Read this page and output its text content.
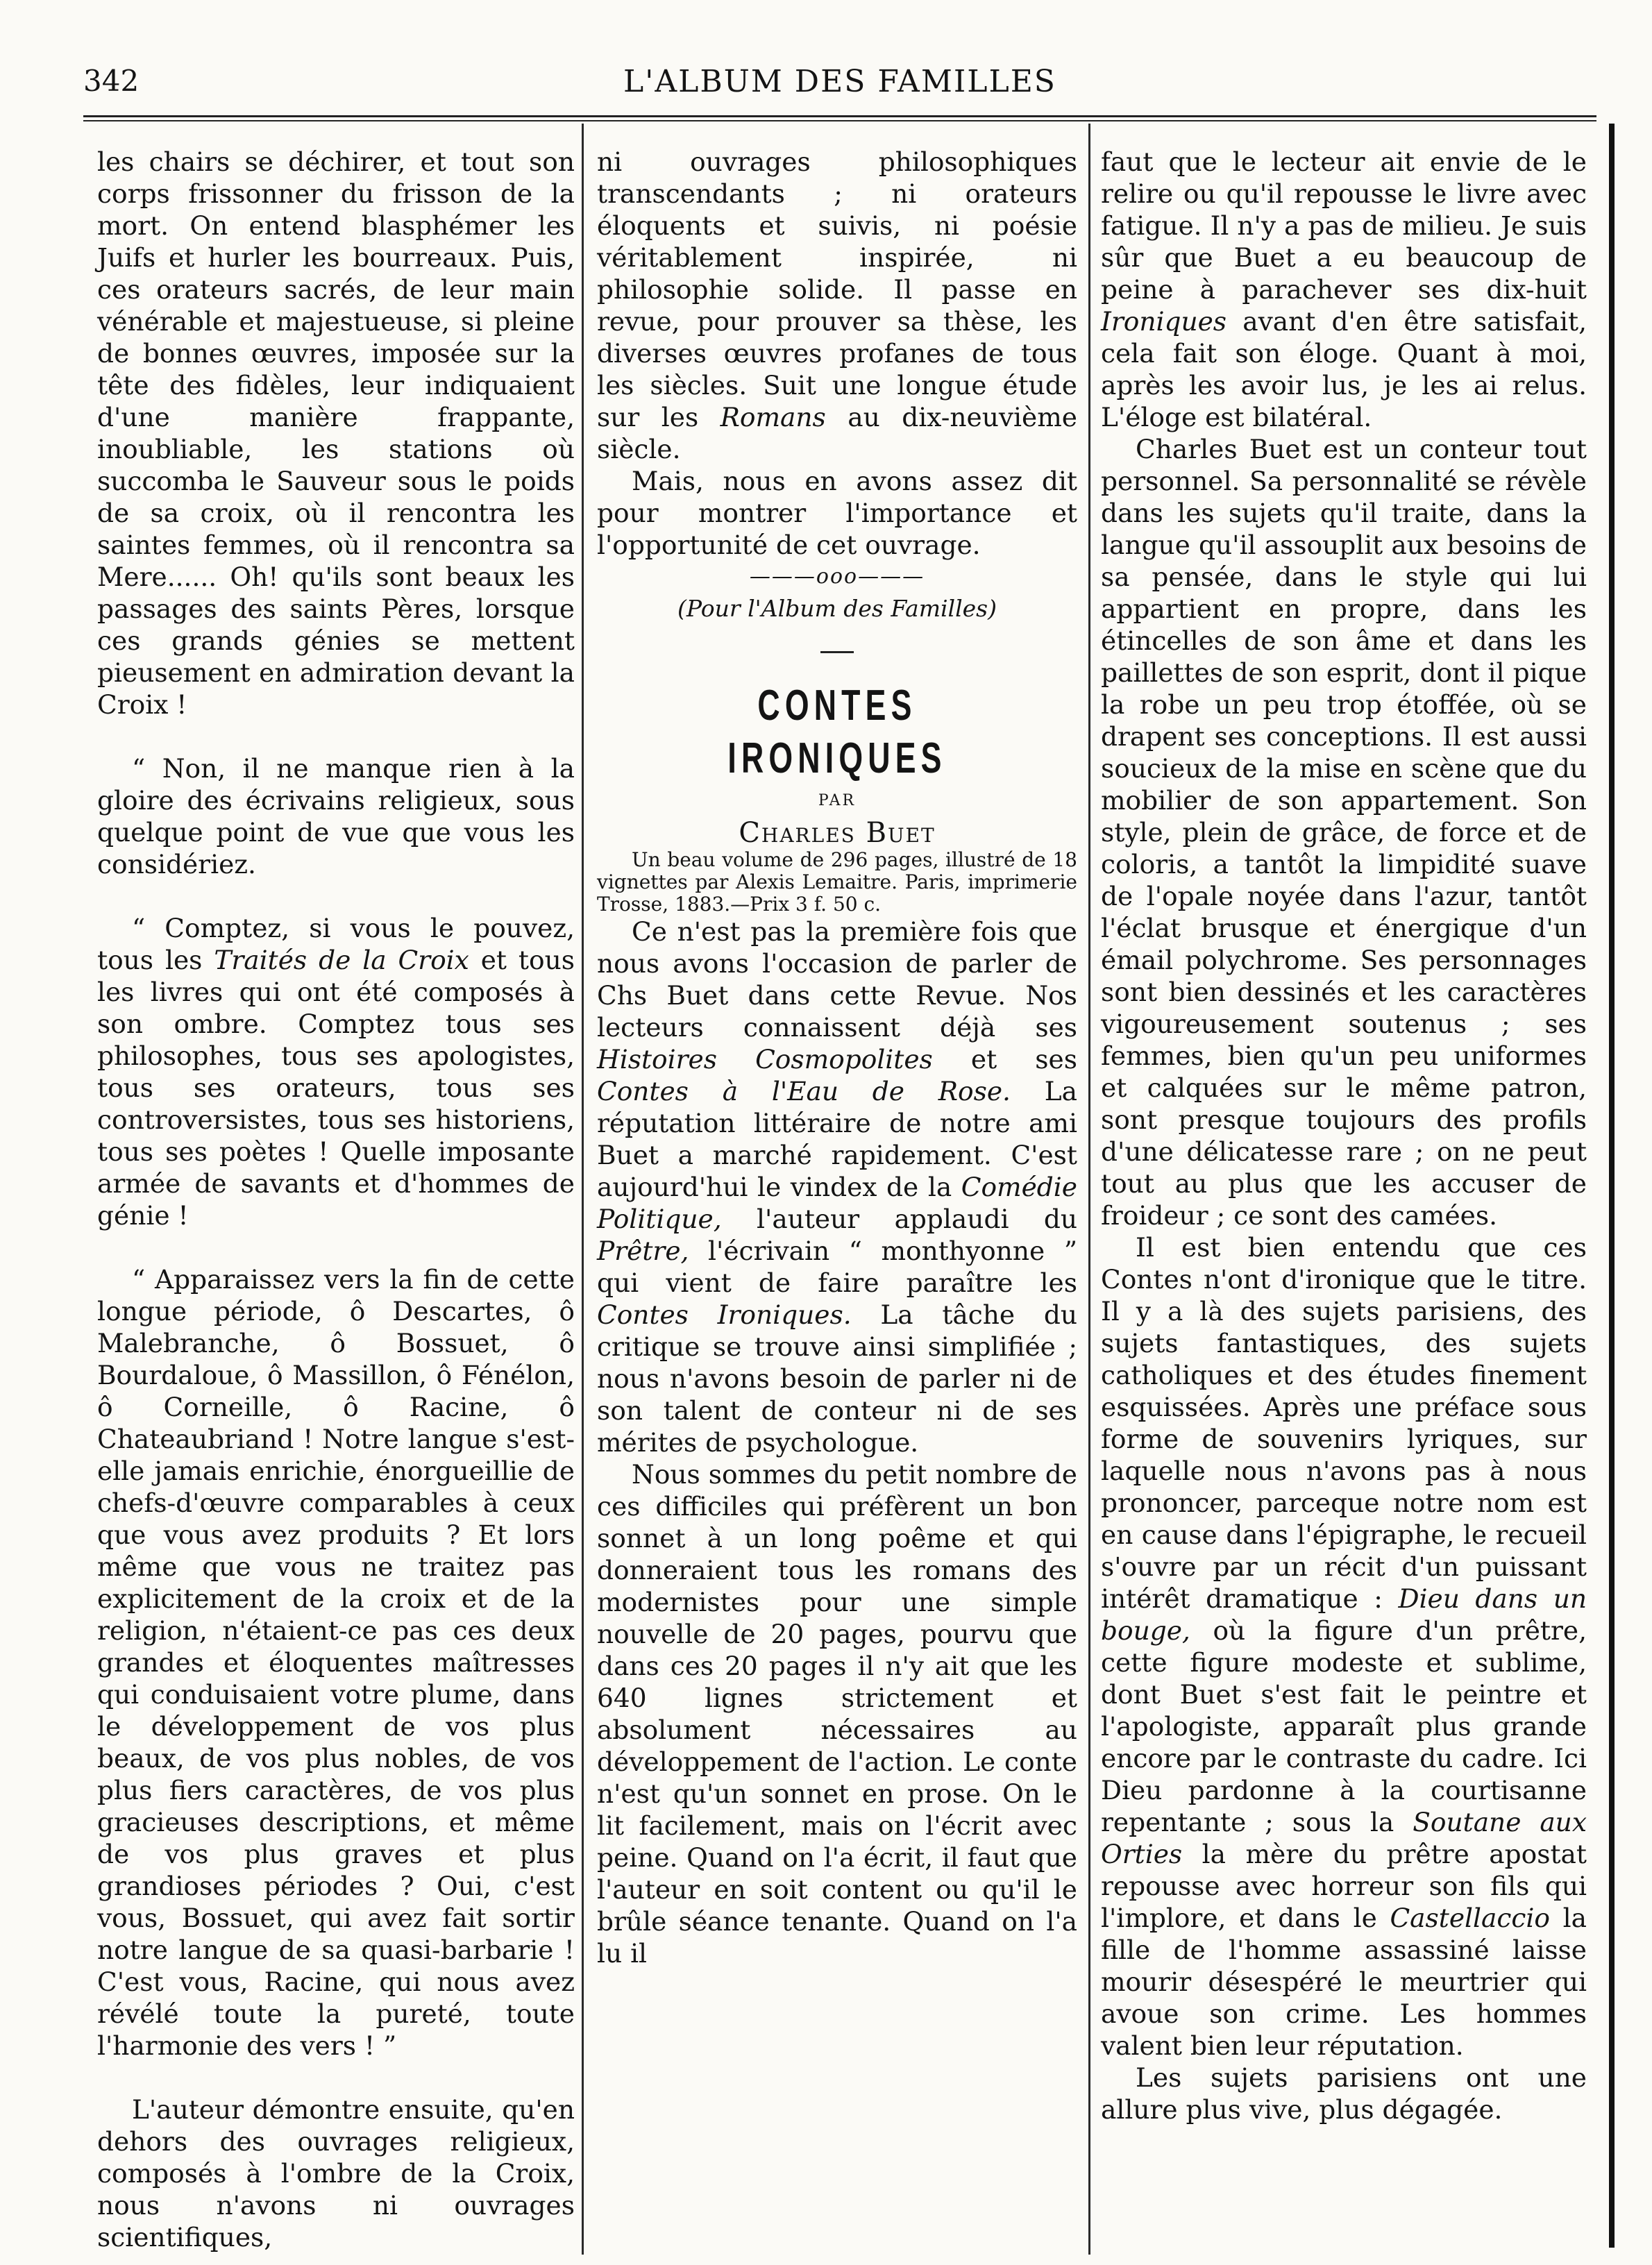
342	L'ALBUM DES FAMILLES

les chairs se déchirer, et tout son corps frissonner du frisson de la mort. On entend blasphémer les Juifs et hurler les bourreaux. Puis, ces orateurs sacrés, de leur main vénérable et majestueuse, si pleine de bonnes œuvres, imposée sur la tête des fidèles, leur indiquaient d'une manière frappante, inoubliable, les stations où succomba le Sauveur sous le poids de sa croix, où il rencontra les saintes femmes, où il rencontra sa Mere...... Oh! qu'ils sont beaux les passages des saints Pères, lorsque ces grands génies se mettent pieusement en admiration devant la Croix !

“ Non, il ne manque rien à la gloire des écrivains religieux, sous quelque point de vue que vous les considériez.

“ Comptez, si vous le pouvez, tous les Traités de la Croix et tous les livres qui ont été composés à son ombre. Comptez tous ses philosophes, tous ses apologistes, tous ses orateurs, tous ses controversistes, tous ses historiens, tous ses poètes ! Quelle imposante armée de savants et d'hommes de génie !

“ Apparaissez vers la fin de cette longue période, ô Descartes, ô Malebranche, ô Bossuet, ô Bourdaloue, ô Massillon, ô Fénélon, ô Corneille, ô Racine, ô Chateaubriand ! Notre langue s'est-elle jamais enrichie, énorgueillie de chefs-d'œuvre comparables à ceux que vous avez produits ? Et lors même que vous ne traitez pas explicitement de la croix et de la religion, n'étaient-ce pas ces deux grandes et éloquentes maîtresses qui conduisaient votre plume, dans le développement de vos plus beaux, de vos plus nobles, de vos plus fiers caractères, de vos plus gracieuses descriptions, et même de vos plus graves et plus grandioses périodes ? Oui, c'est vous, Bossuet, qui avez fait sortir notre langue de sa quasi-barbarie ! C'est vous, Racine, qui nous avez révélé toute la pureté, toute l'harmonie des vers ! ”

L'auteur démontre ensuite, qu'en dehors des ouvrages religieux, composés à l'ombre de la Croix, nous n'avons ni ouvrages scientifiques,

ni ouvrages philosophiques transcendants ; ni orateurs éloquents et suivis, ni poésie véritablement inspirée, ni philosophie solide. Il passe en revue, pour prouver sa thèse, les diverses œuvres profanes de tous les siècles. Suit une longue étude sur les Romans au dix-neuvième siècle.

Mais, nous en avons assez dit pour montrer l'importance et l'opportunité de cet ouvrage.

———ooo———

(Pour l'Album des Familles)

CONTES IRONIQUES

PAR

Charles Buet

Un beau volume de 296 pages, illustré de 18 vignettes par Alexis Lemaitre. Paris, imprimerie Trosse, 1883.—Prix 3 f. 50 c.

Ce n'est pas la première fois que nous avons l'occasion de parler de Chs Buet dans cette Revue. Nos lecteurs connaissent déjà ses Histoires Cosmopolites et ses Contes à l'Eau de Rose. La réputation littéraire de notre ami Buet a marché rapidement. C'est aujourd'hui le vindex de la Comédie Politique, l'auteur applaudi du Prêtre, l'écrivain “ monthyonne ” qui vient de faire paraître les Contes Ironiques. La tâche du critique se trouve ainsi simplifiée ; nous n'avons besoin de parler ni de son talent de conteur ni de ses mérites de psychologue.

Nous sommes du petit nombre de ces difficiles qui préfèrent un bon sonnet à un long poême et qui donneraient tous les romans des modernistes pour une simple nouvelle de 20 pages, pourvu que dans ces 20 pages il n'y ait que les 640 lignes strictement et absolument nécessaires au développement de l'action. Le conte n'est qu'un sonnet en prose. On le lit facilement, mais on l'écrit avec peine. Quand on l'a écrit, il faut que l'auteur en soit content ou qu'il le brûle séance tenante. Quand on l'a lu il

faut que le lecteur ait envie de le relire ou qu'il repousse le livre avec fatigue. Il n'y a pas de milieu. Je suis sûr que Buet a eu beaucoup de peine à parachever ses dix-huit Ironiques avant d'en être satisfait, cela fait son éloge. Quant à moi, après les avoir lus, je les ai relus. L'éloge est bilatéral.

Charles Buet est un conteur tout personnel. Sa personnalité se révèle dans les sujets qu'il traite, dans la langue qu'il assouplit aux besoins de sa pensée, dans le style qui lui appartient en propre, dans les étincelles de son âme et dans les paillettes de son esprit, dont il pique la robe un peu trop étoffée, où se drapent ses conceptions. Il est aussi soucieux de la mise en scène que du mobilier de son appartement. Son style, plein de grâce, de force et de coloris, a tantôt la limpidité suave de l'opale noyée dans l'azur, tantôt l'éclat brusque et énergique d'un émail polychrome. Ses personnages sont bien dessinés et les caractères vigoureusement soutenus ; ses femmes, bien qu'un peu uniformes et calquées sur le même patron, sont presque toujours des profils d'une délicatesse rare ; on ne peut tout au plus que les accuser de froideur ; ce sont des camées.

Il est bien entendu que ces Contes n'ont d'ironique que le titre. Il y a là des sujets parisiens, des sujets fantastiques, des sujets catholiques et des études finement esquissées. Après une préface sous forme de souvenirs lyriques, sur laquelle nous n'avons pas à nous prononcer, parceque notre nom est en cause dans l'épigraphe, le recueil s'ouvre par un récit d'un puissant intérêt dramatique : Dieu dans un bouge, où la figure d'un prêtre, cette figure modeste et sublime, dont Buet s'est fait le peintre et l'apologiste, apparaît plus grande encore par le contraste du cadre. Ici Dieu pardonne à la courtisanne repentante ; sous la Soutane aux Orties la mère du prêtre apostat repousse avec horreur son fils qui l'implore, et dans le Castellaccio la fille de l'homme assassiné laisse mourir désespéré le meurtrier qui avoue son crime. Les hommes valent bien leur réputation.

Les sujets parisiens ont une allure plus vive, plus dégagée.
